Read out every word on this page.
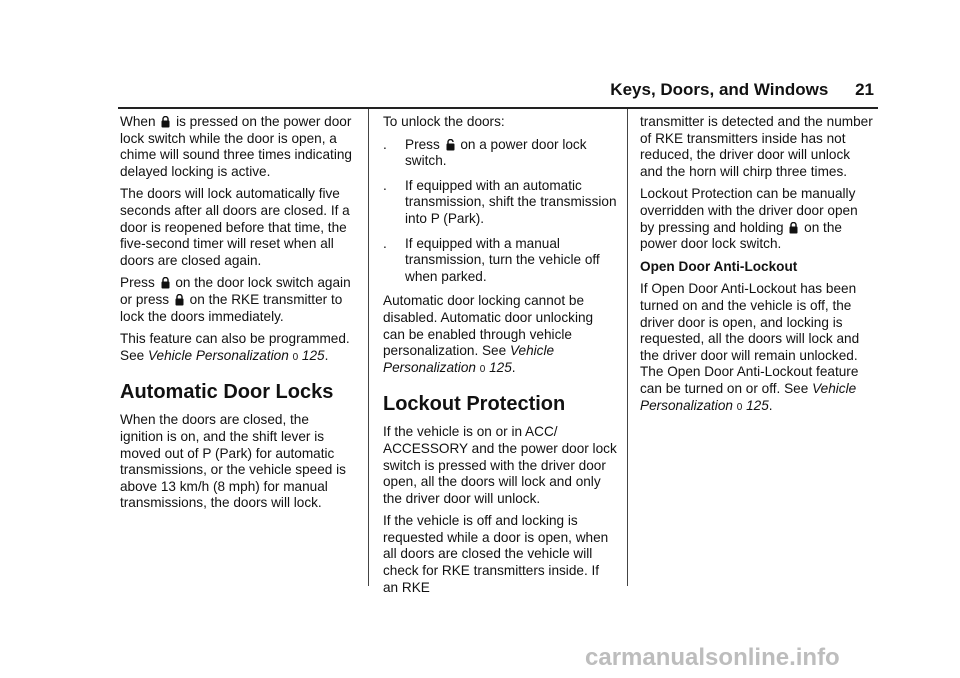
Keys, Doors, and Windows 21

When is pressed on the power door lock switch while the door is open, a chime will sound three times indicating delayed locking is active.

The doors will lock automatically five seconds after all doors are closed. If a door is reopened before that time, the five-second timer will reset when all doors are closed again.

Press on the door lock switch again or press on the RKE transmitter to lock the doors immediately.

This feature can also be programmed. See Vehicle Personalization 0 125.

Automatic Door Locks

When the doors are closed, the ignition is on, and the shift lever is moved out of P (Park) for automatic transmissions, or the vehicle speed is above 13 km/h (8 mph) for manual transmissions, the doors will lock.

To unlock the doors:

. Press on a power door lock switch.
. If equipped with an automatic transmission, shift the transmission into P (Park).
. If equipped with a manual transmission, turn the vehicle off when parked.

Automatic door locking cannot be disabled. Automatic door unlocking can be enabled through vehicle personalization. See Vehicle Personalization 0 125.

Lockout Protection

If the vehicle is on or in ACC/ ACCESSORY and the power door lock switch is pressed with the driver door open, all the doors will lock and only the driver door will unlock.

If the vehicle is off and locking is requested while a door is open, when all doors are closed the vehicle will check for RKE transmitters inside. If an RKE

transmitter is detected and the number of RKE transmitters inside has not reduced, the driver door will unlock and the horn will chirp three times.

Lockout Protection can be manually overridden with the driver door open by pressing and holding on the power door lock switch.

Open Door Anti-Lockout

If Open Door Anti-Lockout has been turned on and the vehicle is off, the driver door is open, and locking is requested, all the doors will lock and the driver door will remain unlocked. The Open Door Anti-Lockout feature can be turned on or off. See Vehicle Personalization 0 125.

carmanualsonline.info
